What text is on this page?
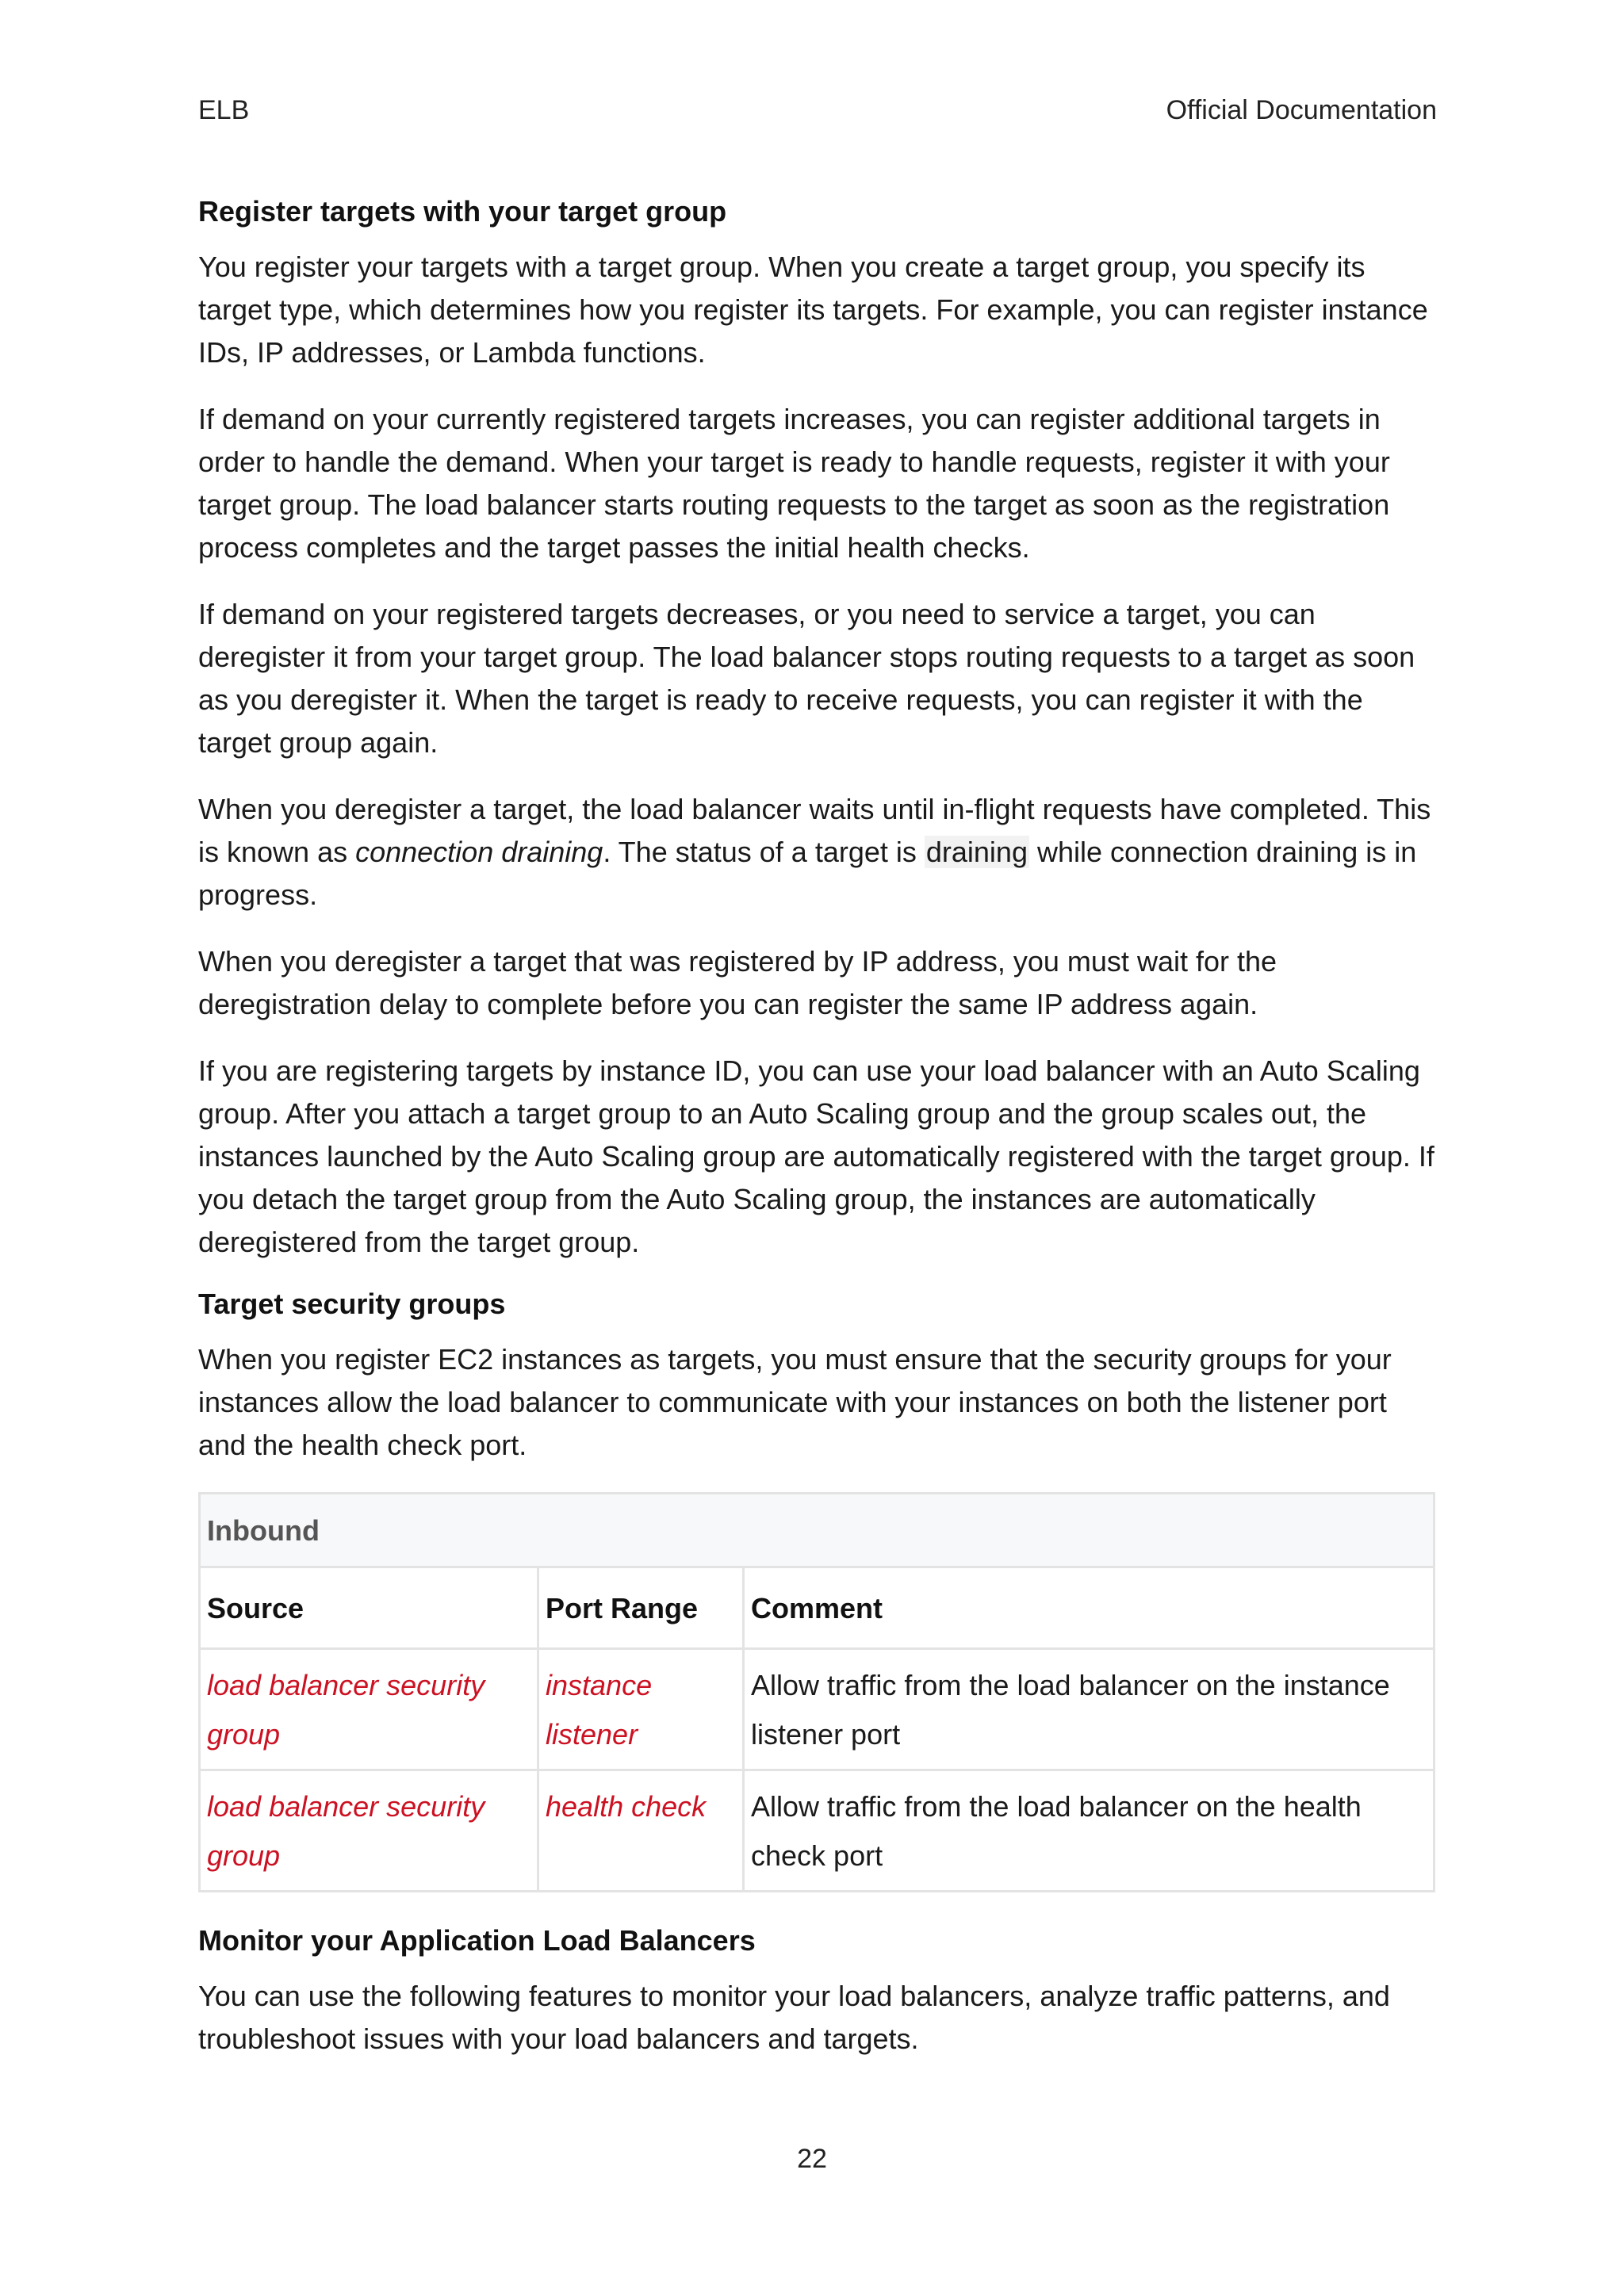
ELB	Official Documentation
Register targets with your target group

You register your targets with a target group. When you create a target group, you specify its target type, which determines how you register its targets. For example, you can register instance IDs, IP addresses, or Lambda functions.

If demand on your currently registered targets increases, you can register additional targets in order to handle the demand. When your target is ready to handle requests, register it with your target group. The load balancer starts routing requests to the target as soon as the registration process completes and the target passes the initial health checks.

If demand on your registered targets decreases, or you need to service a target, you can deregister it from your target group. The load balancer stops routing requests to a target as soon as you deregister it. When the target is ready to receive requests, you can register it with the target group again.

When you deregister a target, the load balancer waits until in-flight requests have completed. This is known as connection draining. The status of a target is draining while connection draining is in progress.

When you deregister a target that was registered by IP address, you must wait for the deregistration delay to complete before you can register the same IP address again.

If you are registering targets by instance ID, you can use your load balancer with an Auto Scaling group. After you attach a target group to an Auto Scaling group and the group scales out, the instances launched by the Auto Scaling group are automatically registered with the target group. If you detach the target group from the Auto Scaling group, the instances are automatically deregistered from the target group.

Target security groups

When you register EC2 instances as targets, you must ensure that the security groups for your instances allow the load balancer to communicate with your instances on both the listener port and the health check port.

Inbound		
Source	Port Range	Comment
load balancer security group	instance listener	Allow traffic from the load balancer on the instance listener port
load balancer security group	health check	Allow traffic from the load balancer on the health check port
Monitor your Application Load Balancers

You can use the following features to monitor your load balancers, analyze traffic patterns, and troubleshoot issues with your load balancers and targets.

22
